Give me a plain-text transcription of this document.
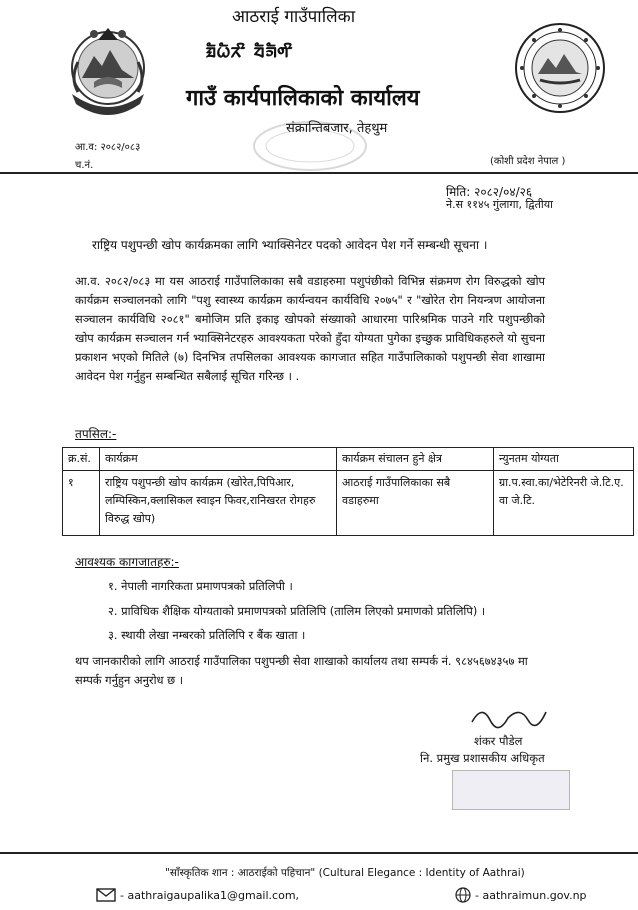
आठराई गाउँपालिका
ᤀᤠᤐᤠᤖᤡ ᤔᤠᤈᤠᤛᤡ
गाउँ कार्यपालिकाको कार्यालय
संक्रान्तिबजार, तेहथुम
आ.व: २०८२/०८३
च.नं.	(कोशी प्रदेश नेपाल )
मिति: २०८२/०४/२६
ने.स ११४५ गुंलागा, द्वितीया
राष्ट्रिय पशुपन्छी खोप कार्यक्रमका लागि भ्याक्सिनेटर पदको आवेदन पेश गर्ने सम्बन्धी सूचना ।
आ.व. २०८२/०८३ मा यस आठराई गाउँपालिकाका सबै वडाहरुमा पशुपंछीको विभिन्न संक्रमण रोग विरुद्धको खोप कार्यक्रम सञ्चालनको लागि "पशु स्वास्थ्य कार्यक्रम कार्यन्वयन कार्यविधि २०७५" र "खोरेत रोग नियन्त्रण आयोजना सञ्चालन कार्यविधि २०८१" बमोजिम प्रति इकाइ खोपको संख्याको आधारमा पारिश्रमिक पाउने गरि पशुपन्छीको खोप कार्यक्रम सञ्चालन गर्न भ्याक्सिनेटरहरु आवश्यकता परेको हुँदा योग्यता पुगेका इच्छुक प्राविधिकहरुले यो सुचना प्रकाशन भएको मितिले (७) दिनभित्र तपसिलका आवश्यक कागजात सहित गाउँपालिकाको पशुपन्छी सेवा शाखामा आवेदन पेश गर्नुहुन सम्बन्धित सबैलाई सूचित गरिन्छ । .
तपसिल:-
क्र.सं.	कार्यक्रम	कार्यक्रम संचालन हुने क्षेत्र	न्युनतम योग्यता
१	राष्ट्रिय पशुपन्छी खोप कार्यक्रम (खोरेत,पिपिआर, लम्पिस्किन,क्लासिकल स्वाइन फिवर,रानिखरत रोगहरु विरुद्ध खोप)	आठराई गाउँपालिकाका सबै वडाहरुमा	ग्रा.प.स्वा.का/भेटेरिनरी जे.टि.ए. वा जे.टि.
आवश्यक कागजातहरु:-
१. नेपाली नागरिकता प्रमाणपत्रको प्रतिलिपी ।
२. प्राविधिक शैक्षिक योग्यताको प्रमाणपत्रको प्रतिलिपि (तालिम लिएको प्रमाणको प्रतिलिपि) ।
३. स्थायी लेखा नम्बरको प्रतिलिपि र बैंक खाता ।
थप जानकारीको लागि आठराई गाउँपालिका पशुपन्छी सेवा शाखाको कार्यालय तथा सम्पर्क नं. ९८४५६७४३५७ मा सम्पर्क गर्नुहुन अनुरोध छ ।
शंकर पौडेल
नि. प्रमुख प्रशासकीय अधिकृत
"साँस्कृतिक शान : आठराईको पहिचान" (Cultural Elegance : Identity of Aathrai)
- aathraigaupalika1@gmail.com,	- aathraimun.gov.np
